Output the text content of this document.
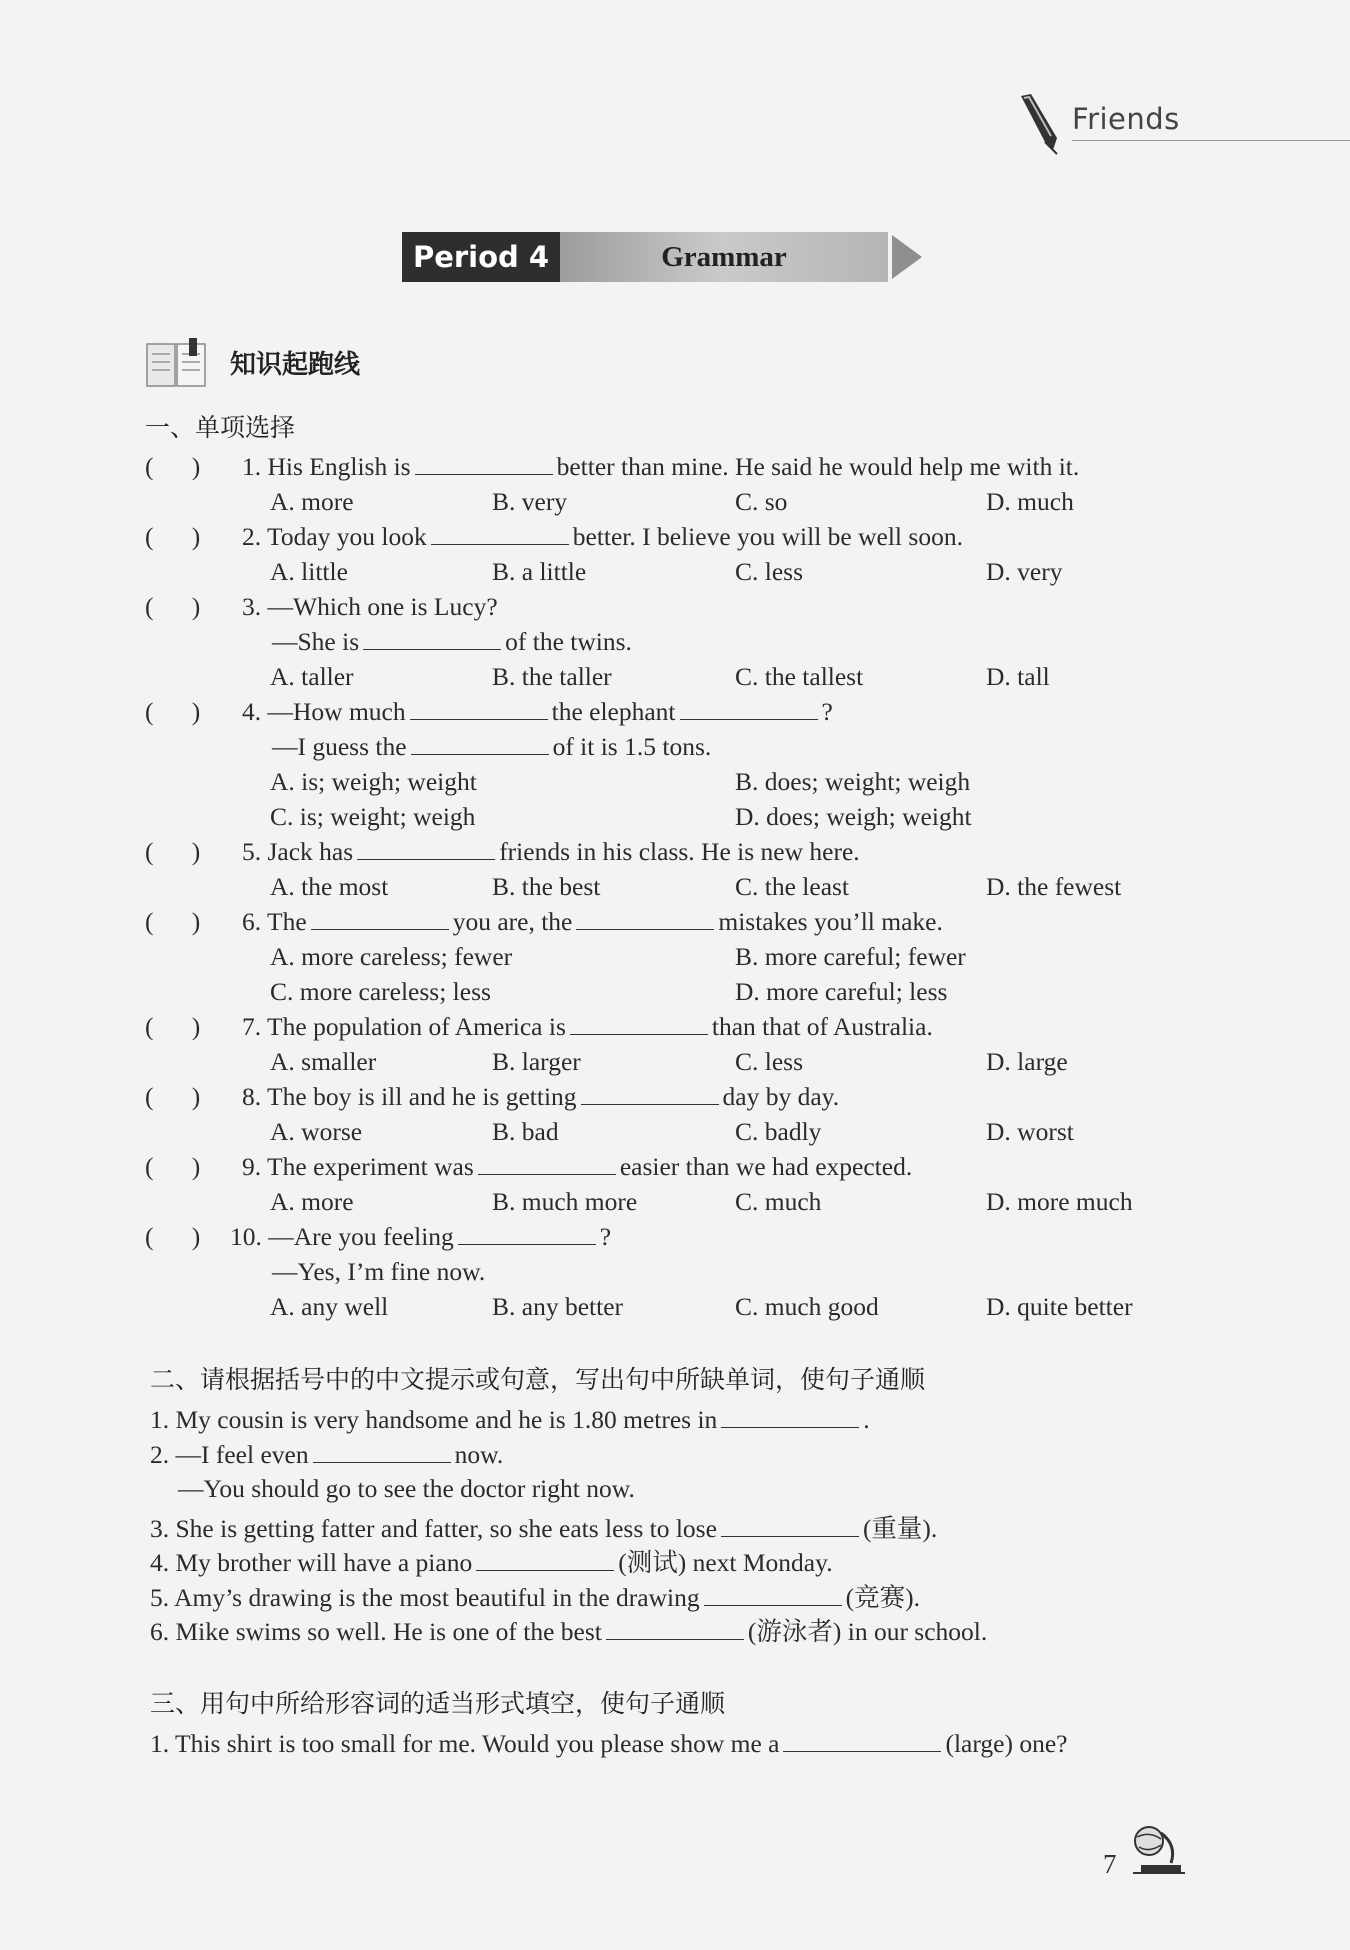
Friends
Period 4	Grammar
知识起跑线
一、单项选择
(      ) 1. His English is	better than mine. He said he would help me with it.
A. more	B. very	C. so	D. much
(      ) 2. Today you look	better. I believe you will be well soon.
A. little	B. a little	C. less	D. very
(      ) 3. —Which one is Lucy?
—She is	of the twins.
A. taller	B. the taller	C. the tallest	D. tall
(      ) 4. —How much	the elephant	?
—I guess the	of it is 1.5 tons.
A. is; weigh; weight	B. does; weight; weigh
C. is; weight; weigh	D. does; weigh; weight
(      ) 5. Jack has	friends in his class. He is new here.
A. the most	B. the best	C. the least	D. the fewest
(      ) 6. The	you are, the	mistakes you’ll make.
A. more careless; fewer	B. more careful; fewer
C. more careless; less	D. more careful; less
(      ) 7. The population of America is	than that of Australia.
A. smaller	B. larger	C. less	D. large
(      ) 8. The boy is ill and he is getting	day by day.
A. worse	B. bad	C. badly	D. worst
(      ) 9. The experiment was	easier than we had expected.
A. more	B. much more	C. much	D. more much
(      ) 10. —Are you feeling	?
—Yes, I’m fine now.
A. any well	B. any better	C. much good	D. quite better
二、请根据括号中的中文提示或句意，写出句中所缺单词，使句子通顺
1. My cousin is very handsome and he is 1.80 metres in	.
2. —I feel even	now.
—You should go to see the doctor right now.
3. She is getting fatter and fatter, so she eats less to lose	(重量).
4. My brother will have a piano	(测试) next Monday.
5. Amy’s drawing is the most beautiful in the drawing	(竞赛).
6. Mike swims so well. He is one of the best	(游泳者) in our school.
三、用句中所给形容词的适当形式填空，使句子通顺
1. This shirt is too small for me. Would you please show me a	(large) one?
7
